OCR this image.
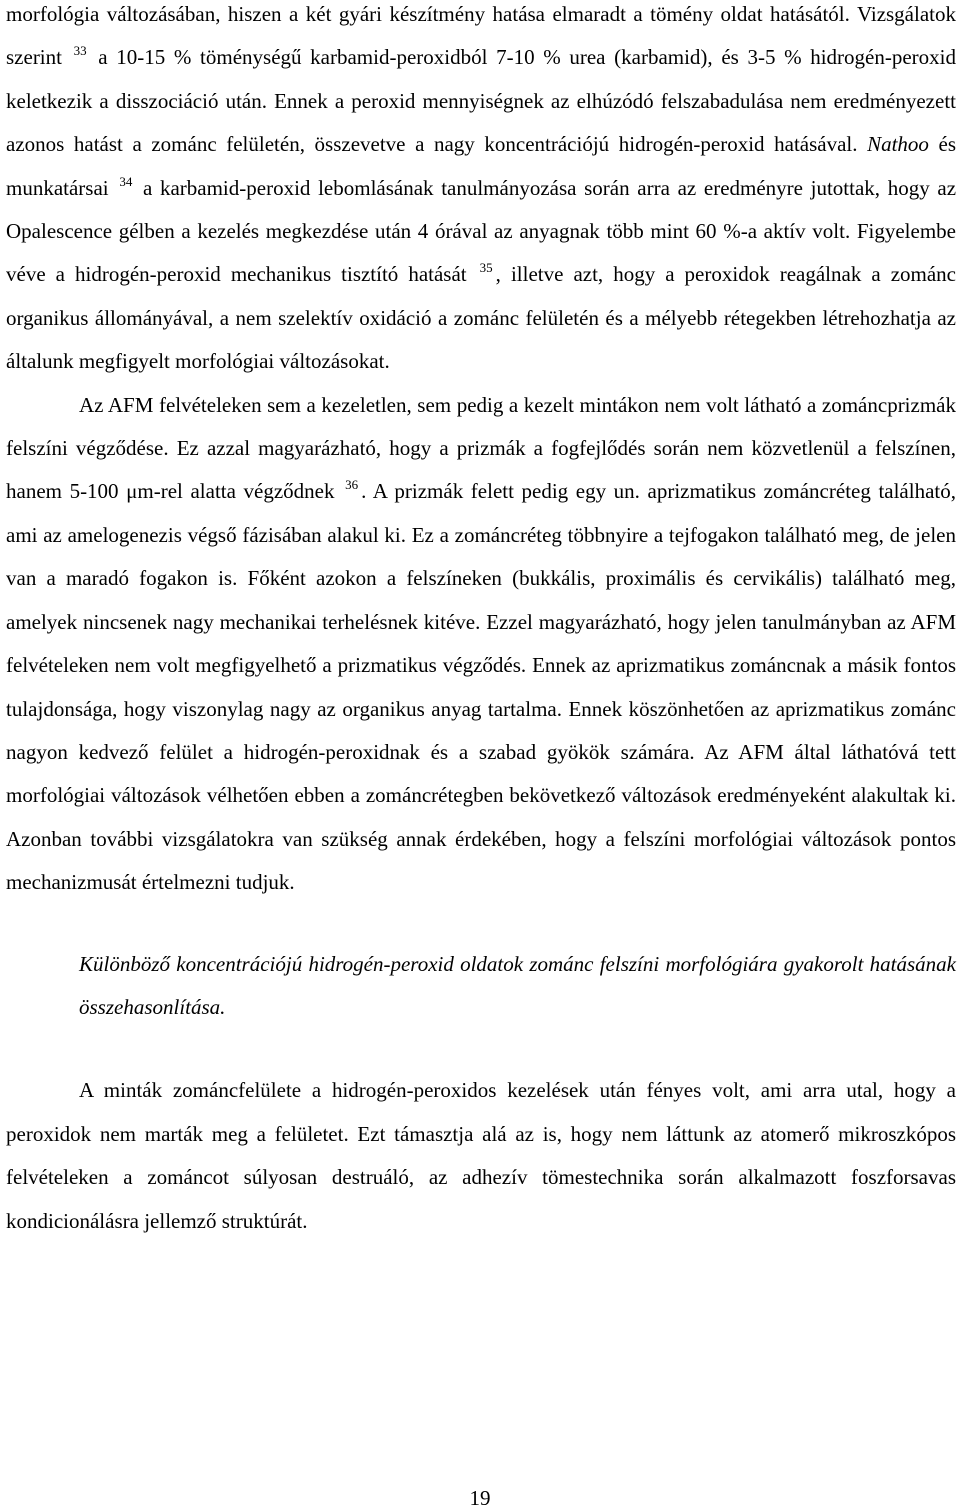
morfológia változásában, hiszen a két gyári készítmény hatása elmaradt a tömény oldat hatásától. Vizsgálatok szerint $^{33}$ a 10-15 % töménységű karbamid-peroxidból 7-10 % urea (karbamid), és 3-5 % hidrogén-peroxid keletkezik a disszociáció után. Ennek a peroxid mennyiségnek az elhúzódó felszabadulása nem eredményezett azonos hatást a zománc felületén, összevetve a nagy koncentrációjú hidrogén-peroxid hatásával. Nathoo és munkatársai $^{34}$ a karbamid-peroxid lebomlásának tanulmányozása során arra az eredményre jutottak, hogy az Opalescence gélben a kezelés megkezdése után 4 órával az anyagnak több mint 60 %-a aktív volt. Figyelembe véve a hidrogén-peroxid mechanikus tisztító hatását $^{35}$ , illetve azt, hogy a peroxidok reagálnak a zománc organikus állományával, a nem szelektív oxidáció a zománc felületén és a mélyebb rétegekben létrehozhatja az általunk megfigyelt morfológiai változásokat.

Az AFM felvételeken sem a kezeletlen, sem pedig a kezelt mintákon nem volt látható a zománcprizmák felszíni végződése. Ez azzal magyarázható, hogy a prizmák a fogfejlődés során nem közvetlenül a felszínen, hanem 5-100 μm-rel alatta végződnek $^{36}$ . A prizmák felett pedig egy un. aprizmatikus zománcréteg található, ami az amelogenezis végső fázisában alakul ki. Ez a zománcréteg többnyire a tejfogakon található meg, de jelen van a maradó fogakon is. Főként azokon a felszíneken (bukkális, proximális és cervikális) található meg, amelyek nincsenek nagy mechanikai terhelésnek kitéve. Ezzel magyarázható, hogy jelen tanulmányban az AFM felvételeken nem volt megfigyelhető a prizmatikus végződés. Ennek az aprizmatikus zománcnak a másik fontos tulajdonsága, hogy viszonylag nagy az organikus anyag tartalma. Ennek köszönhetően az aprizmatikus zománc nagyon kedvező felület a hidrogén-peroxidnak és a szabad gyökök számára. Az AFM által láthatóvá tett morfológiai változások vélhetően ebben a zománcrétegben bekövetkező változások eredményeként alakultak ki. Azonban további vizsgálatokra van szükség annak érdekében, hogy a felszíni morfológiai változások pontos mechanizmusát értelmezni tudjuk.

Különböző koncentrációjú hidrogén-peroxid oldatok zománc felszíni morfológiára gyakorolt hatásának összehasonlítása.

A minták zománcfelülete a hidrogén-peroxidos kezelések után fényes volt, ami arra utal, hogy a peroxidok nem marták meg a felületet. Ezt támasztja alá az is, hogy nem láttunk az atomerő mikroszkópos felvételeken a zománcot súlyosan destruáló, az adhezív tömestechnika során alkalmazott foszforsavas kondicionálásra jellemző struktúrát.

19
